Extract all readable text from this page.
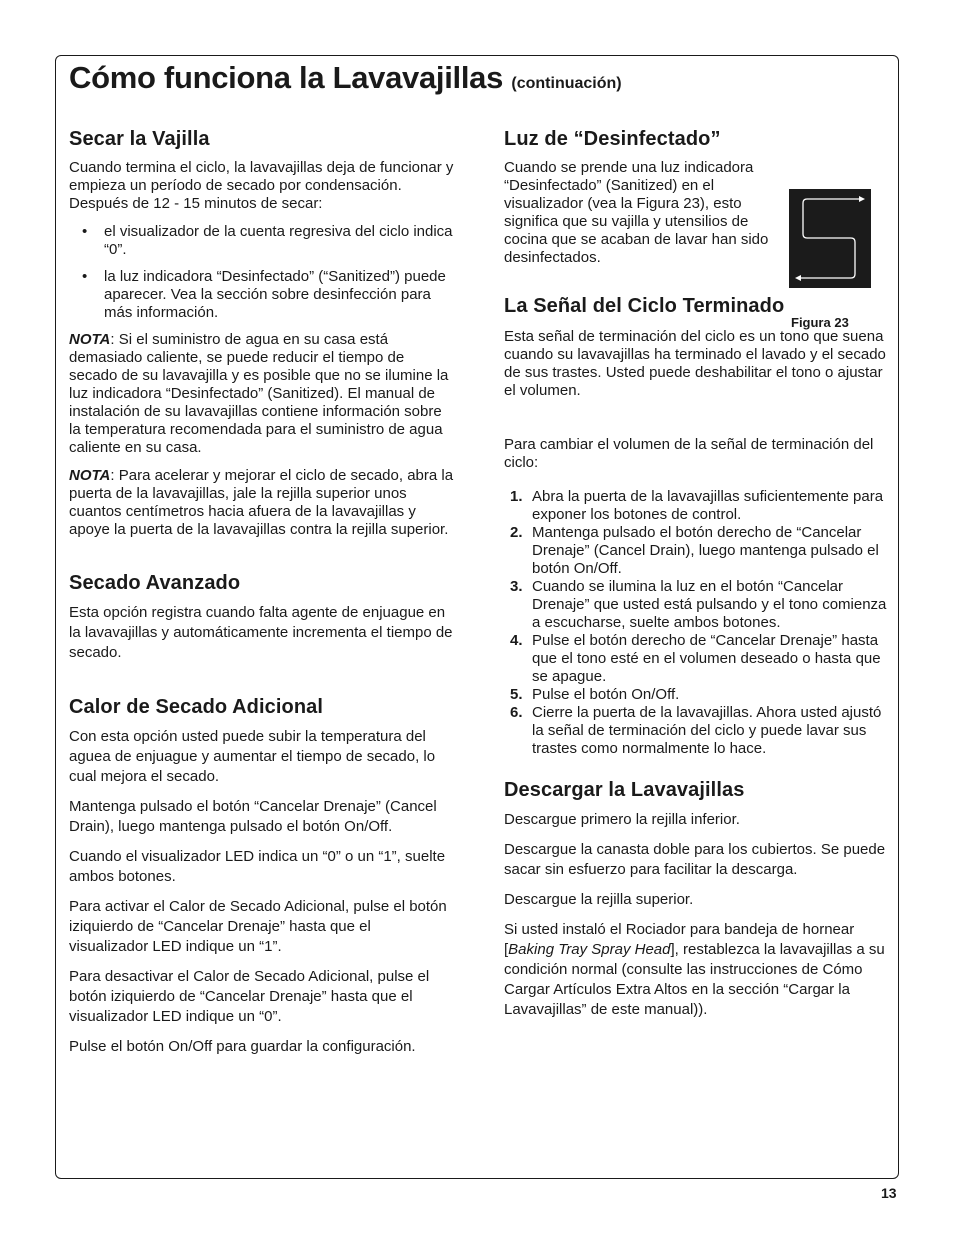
Cómo funciona la Lavavajillas (continuación)
Secar la Vajilla

Cuando termina el ciclo, la lavavajillas deja de funcionar y empieza un período de secado por condensación. Después de 12 - 15 minutos de secar:

• el visualizador de la cuenta regresiva del ciclo indica “0”.
• la luz indicadora “Desinfectado” (“Sanitized”) puede aparecer. Vea la sección sobre desinfección para más información.

NOTA: Si el suministro de agua en su casa está demasiado caliente, se puede reducir el tiempo de secado de su lavavajilla y es posible que no se ilumine la luz indicadora “Desinfectado” (Sanitized). El manual de instalación de su lavavajillas contiene información sobre la temperatura recomendada para el suministro de agua caliente en su casa.

NOTA: Para acelerar y mejorar el ciclo de secado, abra la puerta de la lavavajillas, jale la rejilla superior unos cuantos centímetros hacia afuera de la lavavajillas y apoye la puerta de la lavavajillas contra la rejilla superior.

Secado Avanzado

Esta opción registra cuando falta agente de enjuague en la lavavajillas y automáticamente incrementa el tiempo de secado.

Calor de Secado Adicional

Con esta opción usted puede subir la temperatura del aguea de enjuague y aumentar el tiempo de secado, lo cual mejora el secado.

Mantenga pulsado el botón “Cancelar Drenaje” (Cancel Drain), luego mantenga pulsado el botón On/Off.

Cuando el visualizador LED indica un “0” o un “1”, suelte ambos botones.

Para activar el Calor de Secado Adicional, pulse el botón iziquierdo de “Cancelar Drenaje” hasta que el visualizador LED indique un “1”.

Para desactivar el Calor de Secado Adicional, pulse el botón iziquierdo de “Cancelar Drenaje” hasta que el visualizador LED indique un “0”.

Pulse el botón On/Off para guardar la configuración.

Luz de “Desinfectado”

Cuando se prende una luz indicadora “Desinfectado” (Sanitized) en el visualizador (vea la Figura 23), esto significa que su vajilla y utensilios de cocina que se acaban de lavar han sido desinfectados.

La Señal del Ciclo Terminado

Esta señal de terminación del ciclo es un tono que suena cuando su lavavajillas ha terminado el lavado y el secado de sus trastes. Usted puede deshabilitar el tono o ajustar el volumen.

Para cambiar el volumen de la señal de terminación del ciclo:

1. Abra la puerta de la lavavajillas suficientemente para exponer los botones de control.
2. Mantenga pulsado el botón derecho de “Cancelar Drenaje” (Cancel Drain), luego mantenga pulsado el botón On/Off.
3. Cuando se ilumina la luz en el botón “Cancelar Drenaje” que usted está pulsando y el tono comienza a escucharse, suelte ambos botones.
4. Pulse el botón derecho de “Cancelar Drenaje” hasta que el tono esté en el volumen deseado o hasta que se apague.
5. Pulse el botón On/Off.
6. Cierre la puerta de la lavavajillas. Ahora usted ajustó la señal de terminación del ciclo y puede lavar sus trastes como normalmente lo hace.
Descargar la Lavavajillas

Descargue primero la rejilla inferior.

Descargue la canasta doble para los cubiertos. Se puede sacar sin esfuerzo para facilitar la descarga.

Descargue la rejilla superior.

Si usted instaló el Rociador para bandeja de hornear [Baking Tray Spray Head], restablezca la lavavajillas a su condición normal (consulte las instrucciones de Cómo Cargar Artículos Extra Altos en la sección “Cargar la Lavavajillas” de este manual)).

Figura 23
13
